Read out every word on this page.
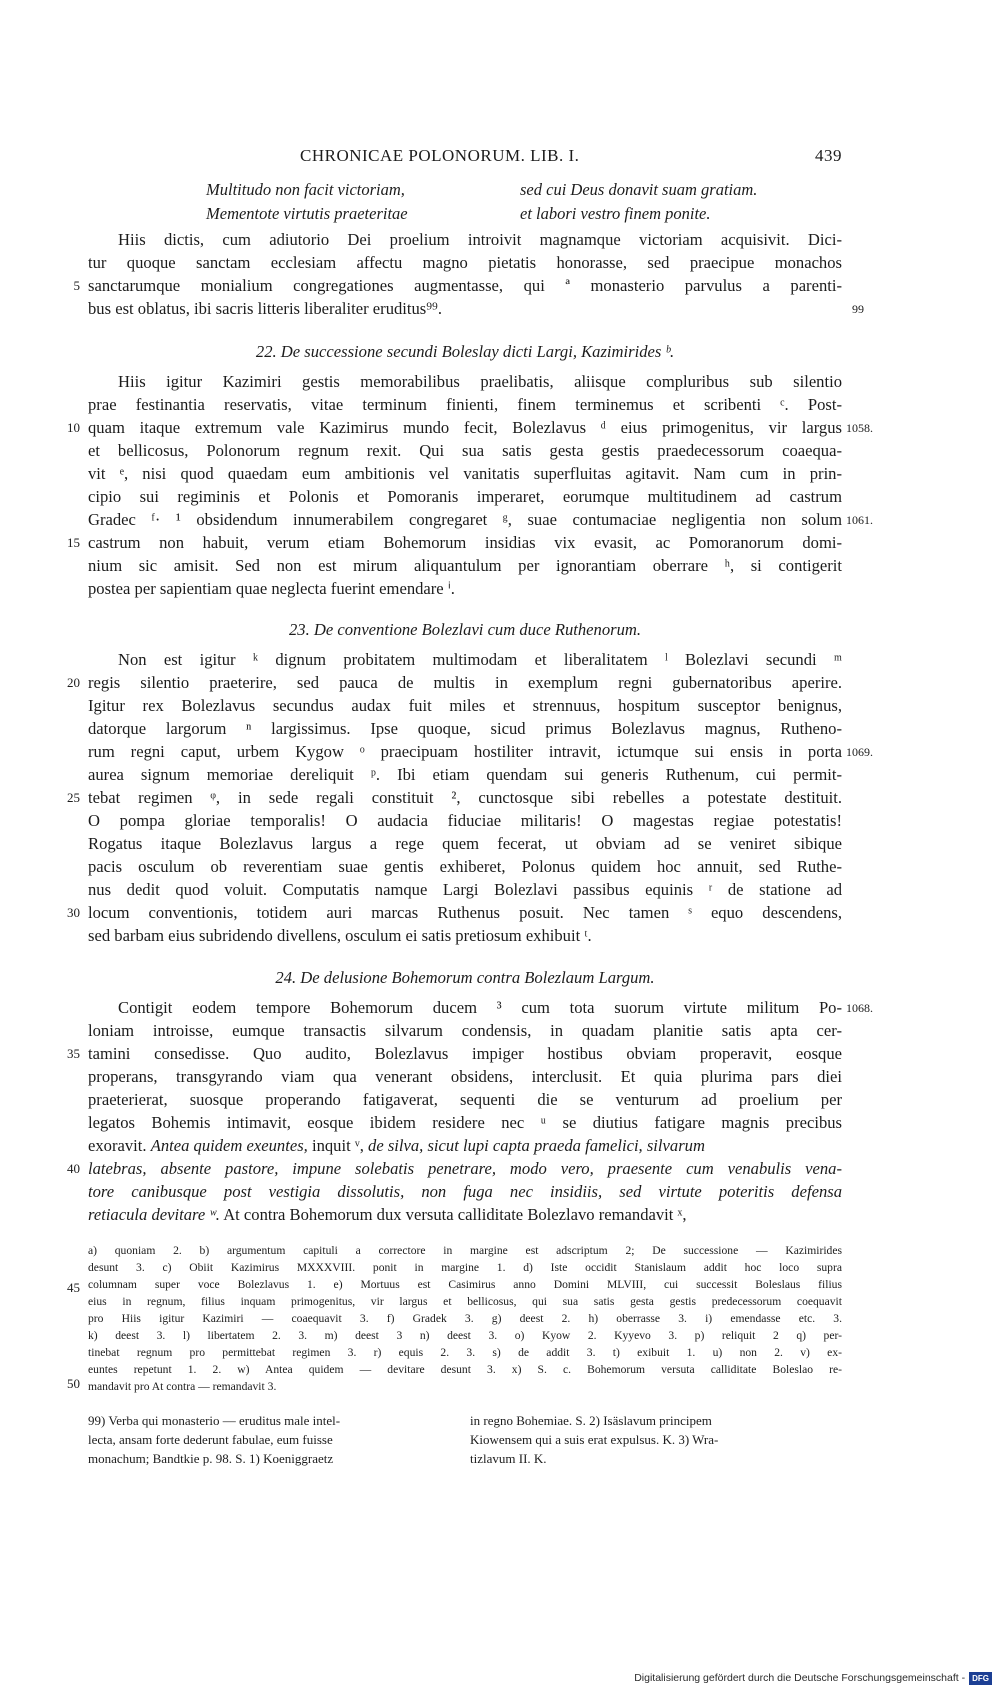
CHRONICAE POLONORUM. LIB. I.	439
Multitudo non facit victoriam,	sed cui Deus donavit suam gratiam.
Mementote virtutis praeteritae	et labori vestro finem ponite.
Hiis dictis, cum adiutorio Dei proelium introivit magnamque victoriam acquisivit. Dici-
tur quoque sanctam ecclesiam affectu magno pietatis honorasse, sed praecipue monachos
sanctarumque monialium congregationes augmentasse, qui ª monasterio parvulus a parenti-
bus est oblatus, ibi sacris litteris liberaliter eruditus⁹⁹.
22. De successione secundi Boleslay dicti Largi, Kazimirides ᵇ.
Hiis igitur Kazimiri gestis memorabilibus praelibatis, aliisque compluribus sub silentio
prae festinantia reservatis, vitae terminum finienti, finem terminemus et scribenti ᶜ. Post-
quam itaque extremum vale Kazimirus mundo fecit, Bolezlavus ᵈ eius primogenitus, vir largus
et bellicosus, Polonorum regnum rexit. Qui sua satis gesta gestis praedecessorum coaequa-
vit ᵉ, nisi quod quaedam eum ambitionis vel vanitatis superfluitas agitavit. Nam cum in prin-
cipio sui regiminis et Polonis et Pomoranis imperaret, eorumque multitudinem ad castrum
Gradec ᶠ· ¹ obsidendum innumerabilem congregaret ᵍ, suae contumaciae negligentia non solum
castrum non habuit, verum etiam Bohemorum insidias vix evasit, ac Pomoranorum domi-
nium sic amisit. Sed non est mirum aliquantulum per ignorantiam oberrare ʰ, si contigerit
postea per sapientiam quae neglecta fuerint emendare ⁱ.
23. De conventione Bolezlavi cum duce Ruthenorum.
Non est igitur ᵏ dignum probitatem multimodam et liberalitatem ˡ Bolezlavi secundi ᵐ
regis silentio praeterire, sed pauca de multis in exemplum regni gubernatoribus aperire.
Igitur rex Bolezlavus secundus audax fuit miles et strennuus, hospitum susceptor benignus,
datorque largorum ⁿ largissimus. Ipse quoque, sicud primus Bolezlavus magnus, Rutheno-
rum regni caput, urbem Kygow ᵒ praecipuam hostiliter intravit, ictumque sui ensis in porta
aurea signum memoriae dereliquit ᵖ. Ibi etiam quendam sui generis Ruthenum, cui permit-
tebat regimen ᵠ, in sede regali constituit ², cunctosque sibi rebelles a potestate destituit.
O pompa gloriae temporalis! O audacia fiduciae militaris! O magestas regiae potestatis!
Rogatus itaque Bolezlavus largus a rege quem fecerat, ut obviam ad se veniret sibique
pacis osculum ob reverentiam suae gentis exhiberet, Polonus quidem hoc annuit, sed Ruthe-
nus dedit quod voluit. Computatis namque Largi Bolezlavi passibus equinis ʳ de statione ad
locum conventionis, totidem auri marcas Ruthenus posuit. Nec tamen ˢ equo descendens,
sed barbam eius subridendo divellens, osculum ei satis pretiosum exhibuit ᵗ.
24. De delusione Bohemorum contra Bolezlaum Largum.
Contigit eodem tempore Bohemorum ducem ³ cum tota suorum virtute militum Po-
loniam introisse, eumque transactis silvarum condensis, in quadam planitie satis apta cer-
tamini consedisse. Quo audito, Bolezlavus impiger hostibus obviam properavit, eosque
properans, transgyrando viam qua venerant obsidens, interclusit. Et quia plurima pars diei
praeterierat, suosque properando fatigaverat, sequenti die se venturum ad proelium per
legatos Bohemis intimavit, eosque ibidem residere nec ᵘ se diutius fatigare magnis precibus
exoravit. Antea quidem exeuntes, inquit ᵛ, de silva, sicut lupi capta praeda famelici, silvarum
latebras, absente pastore, impune solebatis penetrare, modo vero, praesente cum venabulis vena-
tore canibusque post vestigia dissolutis, non fuga nec insidiis, sed virtute poteritis defensa
retiacula devitare ʷ. At contra Bohemorum dux versuta calliditate Bolezlavo remandavit ˣ,
5
10
15
20
25
30
35
40
45
50
99
1058.
1061.
1069.
1068.
a) quoniam 2. b) argumentum capituli a correctore in margine est adscriptum 2; De successione — Kazimirides
desunt 3. c) Obiit Kazimirus MXXXVIII. ponit in margine 1. d) Iste occidit Stanislaum addit hoc loco supra
columnam super voce Bolezlavus 1. e) Mortuus est Casimirus anno Domini MLVIII, cui successit Boleslaus filius
eius in regnum, filius inquam primogenitus, vir largus et bellicosus, qui sua satis gesta gestis predecessorum coequavit
pro Hiis igitur Kazimiri — coaequavit 3. f) Gradek 3. g) deest 2. h) oberrasse 3. i) emendasse etc. 3.
k) deest 3. l) libertatem 2. 3. m) deest 3 n) deest 3. o) Kyow 2. Kyyevo 3. p) reliquit 2 q) per-
tinebat regnum pro permittebat regimen 3. r) equis 2. 3. s) de addit 3. t) exibuit 1. u) non 2. v) ex-
euntes repetunt 1. 2. w) Antea quidem — devitare desunt 3. x) S. c. Bohemorum versuta calliditate Boleslao re-
mandavit pro At contra — remandavit 3.
99) Verba qui monasterio — eruditus male intel-
lecta, ansam forte dederunt fabulae, eum fuisse
monachum; Bandtkie p. 98. S. 1) Koeniggraetz
in regno Bohemiae. S. 2) Isäslavum principem
Kiowensem qui a suis erat expulsus. K. 3) Wra-
tizlavum II. K.
Digitalisierung gefördert durch die Deutsche Forschungsgemeinschaft - DFG
